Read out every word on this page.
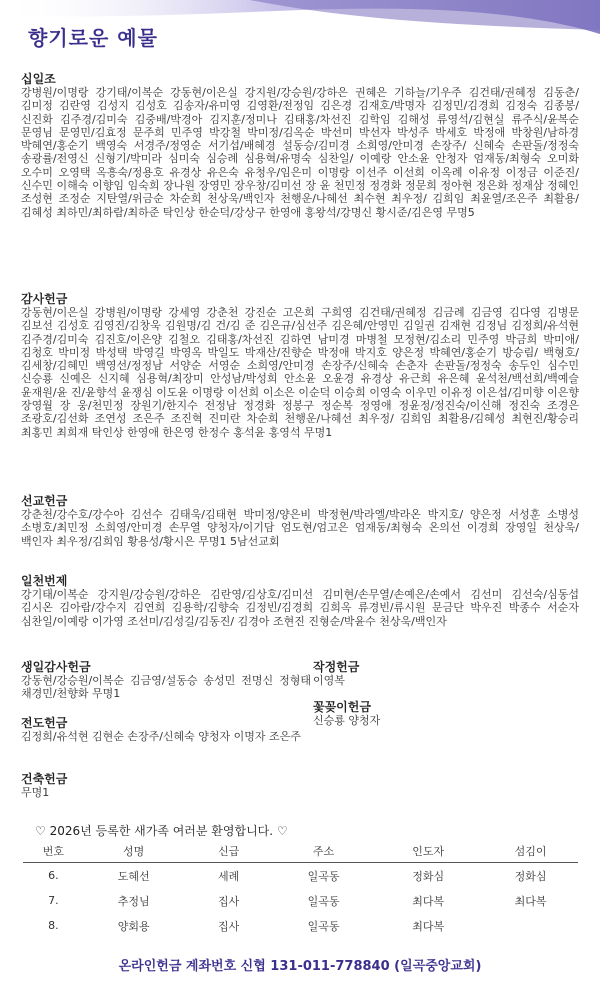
향기로운 예물
십일조
강병원/이명랑 강기태/이복순 강동현/이은실 강지원/강승원/강하은 권혜은 기하늘/기우주 김건태/권혜정 김동춘/김미정 김란영 김성지 김성호 김송자/유미영 김영환/전정임 김은경 김재호/박명자 김정민/김경희 김정숙 김종봉/신진화 김주경/김미숙 김중배/박경아 김지훈/정미나 김태홍/차선진 김학임 김해성 류영석/김현실 류주식/윤복순 문영님 문영민/김효정 문주희 민주영 박강철 박미정/김옥순 박선미 박선자 박성주 박세호 박정애 박창원/남하경 박혜연/홍순기 백영숙 서경주/정영순 서기섭/배혜경 설동승/김미경 소희영/안미경 손장주/ 신혜숙 손판돌/정정숙 송광률/전영신 신형기/박미라 심미숙 심승례 심용혁/유명숙 심찬일/ 이예랑 안소윤 안청자 엄재동/최형숙 오미화 오수미 오영택 옥흥숙/정용호 유경상 유은숙 유청우/임은미 이명랑 이선주 이선희 이옥례 이유정 이정금 이준진/신수민 이해숙 이향임 임숙희 장나원 장영민 장우창/김미선 장 윤 천민정 정경화 정문희 정아현 정은화 정재삼 정혜인 조성현 조정순 지탄열/위금순 차순희 천상욱/백인자 천행운/나혜선 최수현 최우정/ 김희임 최윤열/조은주 최활용/김혜성 최하민/최하람/최하준 탁인상 한순덕/강상구 한영애 홍왕석/강명신 황시준/김은영 무명5
감사헌금
강동현/이은실 강병원/이명랑 강세영 강춘천 강진순 고은희 구희영 김건태/권혜정 김금례 김금영 김다영 김병문 김보선 김성호 김영진/김창욱 김원명/김 건/김 준 김은규/심선주 김은혜/안영민 김일권 김재현 김정님 김정희/유석현 김주경/김미숙 김진호/이은양 김철오 김태홍/차선진 김하연 남미경 마병철 모정현/김소리 민주영 박금희 박미애/김청호 박미정 박성택 박영길 박영옥 박일도 박재산/진향순 박정애 박지호 양은정 박혜연/홍순기 방승림/ 백형호/김세창/김혜민 백영선/정정남 서양순 서영순 소희영/안미경 손장주/신혜숙 손춘자 손판돌/정정숙 송두인 심수민 신승룡 신예은 신지혜 심용혁/최장미 안성남/박성희 안소윤 오윤경 유경상 유근희 유은혜 윤석천/백선희/백예슬 윤재원/윤 진/윤향석 윤쟁심 이도윤 이명랑 이선희 이소은 이순덕 이승희 이영숙 이우민 이유정 이은섭/김미향 이은향 장영월 장 웅/천민정 장원기/한지수 전정남 정경화 정봉구 정순복 정영애 정윤정/정진숙/이신해 정진숙 조경은 조광호/김선화 조연성 조은주 조진혁 진미란 차순희 천행운/나혜선 최우정/ 김희임 최활용/김혜성 최현진/황승리 최홍민 최희재 탁인상 한영애 한은영 한정수 홍석윤 홍영석 무명1
선교헌금
강춘천/강수호/강수아 김선수 김태욱/김태현 박미정/양은비 박정현/박라엘/박라온 박지호/ 양은정 서성훈 소병성 소병호/최민정 소희영/안미경 손무열 양청자/이기담 엄도현/엄고은 엄재동/최형숙 온의선 이경희 장영일 천상욱/백인자 최우정/김희임 황용성/황시은 무명1 5남선교회
일천번제
강기태/이복순 강지원/강승원/강하은 김란영/김상호/김미선 김미현/손무열/손예은/손예서 김선미 김선숙/심동섭 김시온 김아람/강수지 김연희 김용학/김향숙 김정빈/김경희 김희옥 류경빈/류시원 문금단 박우진 박종수 서순자 심찬일/이예랑 이가영 조선미/김성길/김동진/ 김경아 조현진 진형순/박윤수 천상욱/백인자
생일감사헌금
강동현/강승원/이복순 김금영/설동승 송성민 전명신 정형태 채경민/천향화 무명1
작정헌금
이영복
꽃꽂이헌금
신승룡 양청자
전도헌금
김정희/유석현 김현순 손장주/신혜숙 양청자 이명자 조은주
건축헌금
무명1
♡ 2026년 등록한 새가족 여러분 환영합니다. ♡
번호	성명	신급	주소	인도자	섬김이
6.	도혜선	세례	일곡동	정화심	정화심
7.	추정님	집사	일곡동	최다복	최다복
8.	양회용	집사	일곡동	최다복	
온라인헌금 계좌번호 신협 131-011-778840 (일곡중앙교회)
